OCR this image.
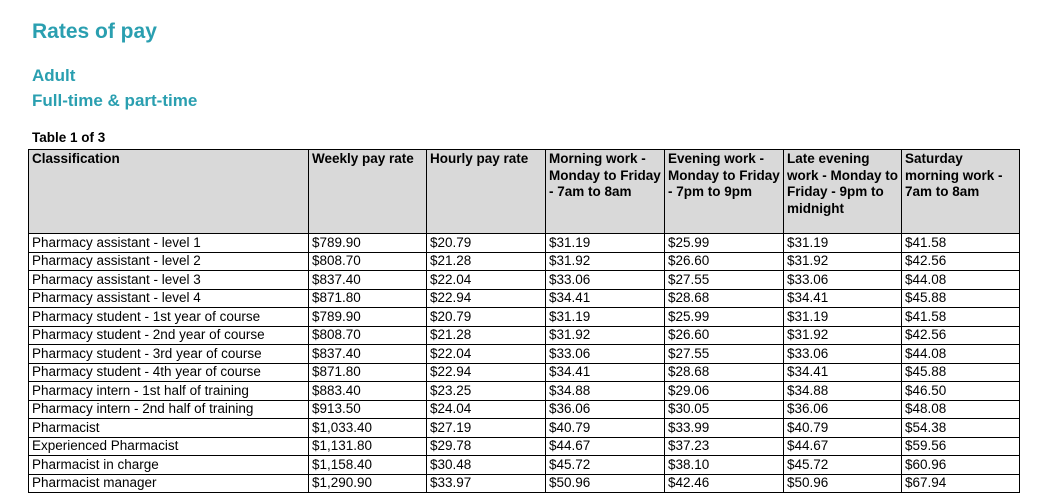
Rates of pay
Adult
Full-time & part-time
Table 1 of 3
Classification	Weekly pay rate	Hourly pay rate	Morning work - Monday to Friday - 7am to 8am	Evening work - Monday to Friday - 7pm to 9pm	Late evening work - Monday to Friday - 9pm to midnight	Saturday morning work - 7am to 8am
Pharmacy assistant - level 1	$789.90	$20.79	$31.19	$25.99	$31.19	$41.58
Pharmacy assistant - level 2	$808.70	$21.28	$31.92	$26.60	$31.92	$42.56
Pharmacy assistant - level 3	$837.40	$22.04	$33.06	$27.55	$33.06	$44.08
Pharmacy assistant - level 4	$871.80	$22.94	$34.41	$28.68	$34.41	$45.88
Pharmacy student - 1st year of course	$789.90	$20.79	$31.19	$25.99	$31.19	$41.58
Pharmacy student - 2nd year of course	$808.70	$21.28	$31.92	$26.60	$31.92	$42.56
Pharmacy student - 3rd year of course	$837.40	$22.04	$33.06	$27.55	$33.06	$44.08
Pharmacy student - 4th year of course	$871.80	$22.94	$34.41	$28.68	$34.41	$45.88
Pharmacy intern - 1st half of training	$883.40	$23.25	$34.88	$29.06	$34.88	$46.50
Pharmacy intern - 2nd half of training	$913.50	$24.04	$36.06	$30.05	$36.06	$48.08
Pharmacist	$1,033.40	$27.19	$40.79	$33.99	$40.79	$54.38
Experienced Pharmacist	$1,131.80	$29.78	$44.67	$37.23	$44.67	$59.56
Pharmacist in charge	$1,158.40	$30.48	$45.72	$38.10	$45.72	$60.96
Pharmacist manager	$1,290.90	$33.97	$50.96	$42.46	$50.96	$67.94
